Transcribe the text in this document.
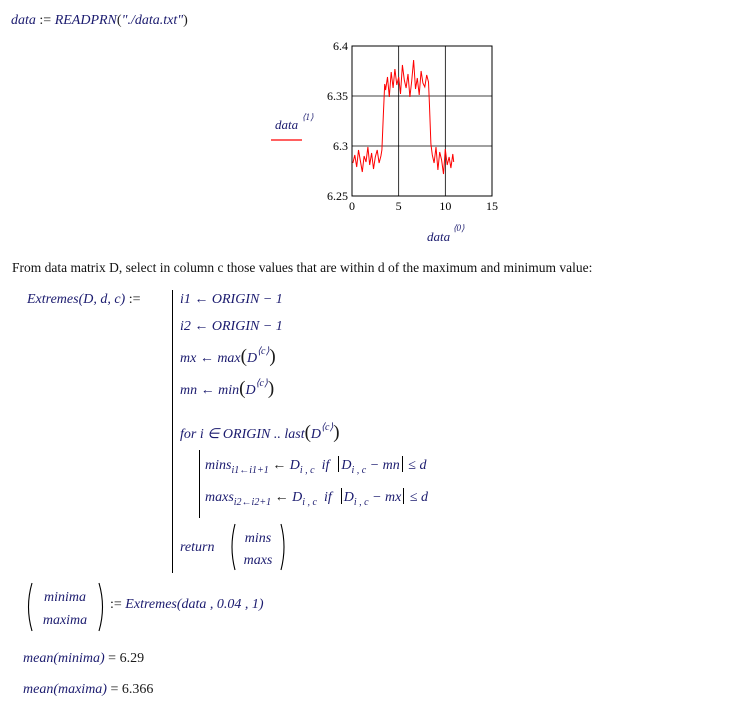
data := READPRN("./data.txt")
6.25
6.3
6.35
6.4
0	5	10	15
data ⟨1⟩
data
⟨0⟩
From data matrix D, select in column c those values that are within d of the maximum and minimum value:
Extremes(D, d, c) :=	i1 ← ORIGIN − 1
i2 ← ORIGIN − 1
mx ← $\max(D^{⟨c⟩})$
mn ← $\min(D^{⟨c⟩})$
for i ∈ ORIGIN .. $last(D^{⟨c⟩})$
mins$_{i1\leftarrow i1+1}$ ← $D_{i , c}$ if $D_{i , c}$ − mn ≤ d
maxs$_{i2\leftarrow i2+1}$ ← $D_{i , c}$ if $D_{i , c}$ − mx ≤ d
return
mins
maxs
minima
maxima
:= Extremes(data , 0.04 , 1)
mean(minima) = 6.29
mean(maxima) = 6.366
